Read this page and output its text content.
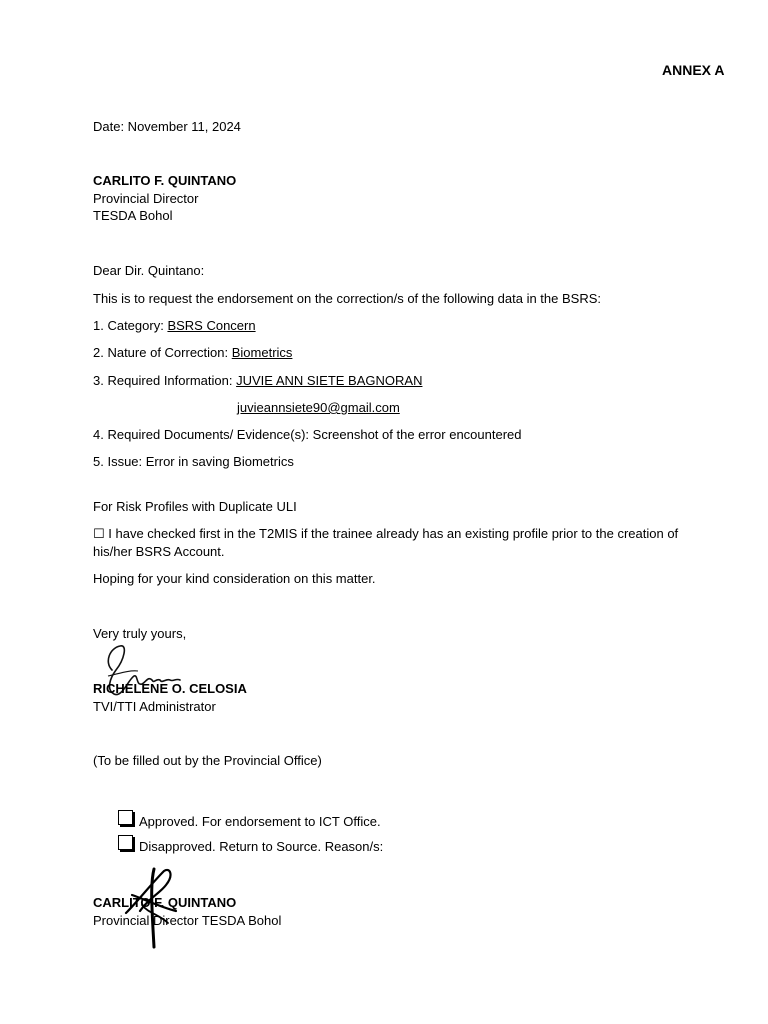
ANNEX A
Date: November 11, 2024
CARLITO F. QUINTANO
Provincial Director
TESDA Bohol
Dear Dir. Quintano:
This is to request the endorsement on the correction/s of the following data in the BSRS:
1. Category: BSRS Concern
2. Nature of Correction: Biometrics
3. Required Information: JUVIE ANN SIETE BAGNORAN
juvieannsiete90@gmail.com
4. Required Documents/ Evidence(s): Screenshot of the error encountered
5. Issue: Error in saving Biometrics
For Risk Profiles with Duplicate ULI
☐ I have checked first in the T2MIS if the trainee already has an existing profile prior to the creation of his/her BSRS Account.
Hoping for your kind consideration on this matter.
Very truly yours,
RICHELENE O. CELOSIA
TVI/TTI Administrator
(To be filled out by the Provincial Office)
Approved. For endorsement to ICT Office.
Disapproved. Return to Source. Reason/s:
CARLITO F. QUINTANO
Provincial Director TESDA Bohol
